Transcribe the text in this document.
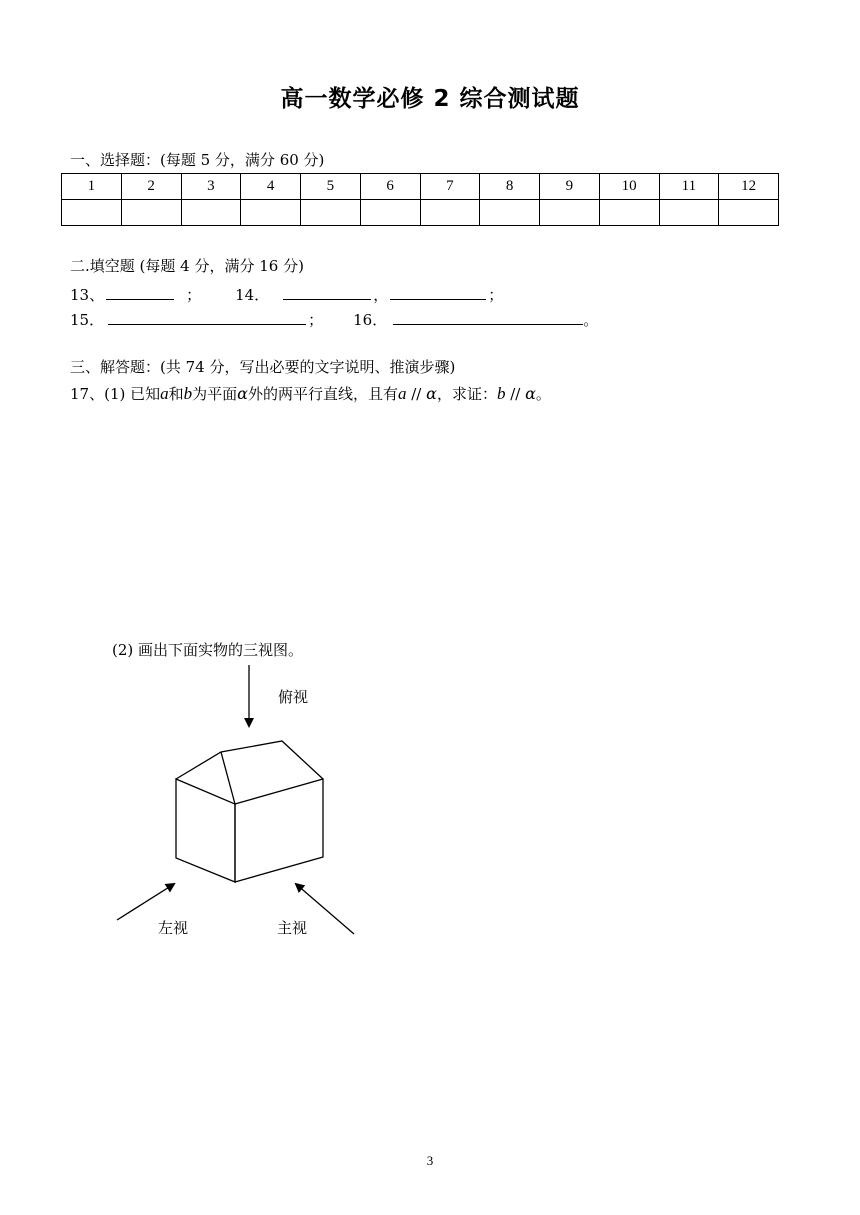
高一数学必修 2 综合测试题
一、选择题：(每题 5 分，满分 60 分)
1	2	3	4	5	6	7	8	9	10	11	12

二.填空题 (每题 4 分，满分 16 分)
13、	； 14．	，	；
15．	； 16．	。
三、解答题：(共 74 分，写出必要的文字说明、推演步骤)
17、(1) 已知a和b为平面α外的两平行直线，且有a // α，求证：b // α。
(2) 画出下面实物的三视图。
俯视
左视	主视
3
